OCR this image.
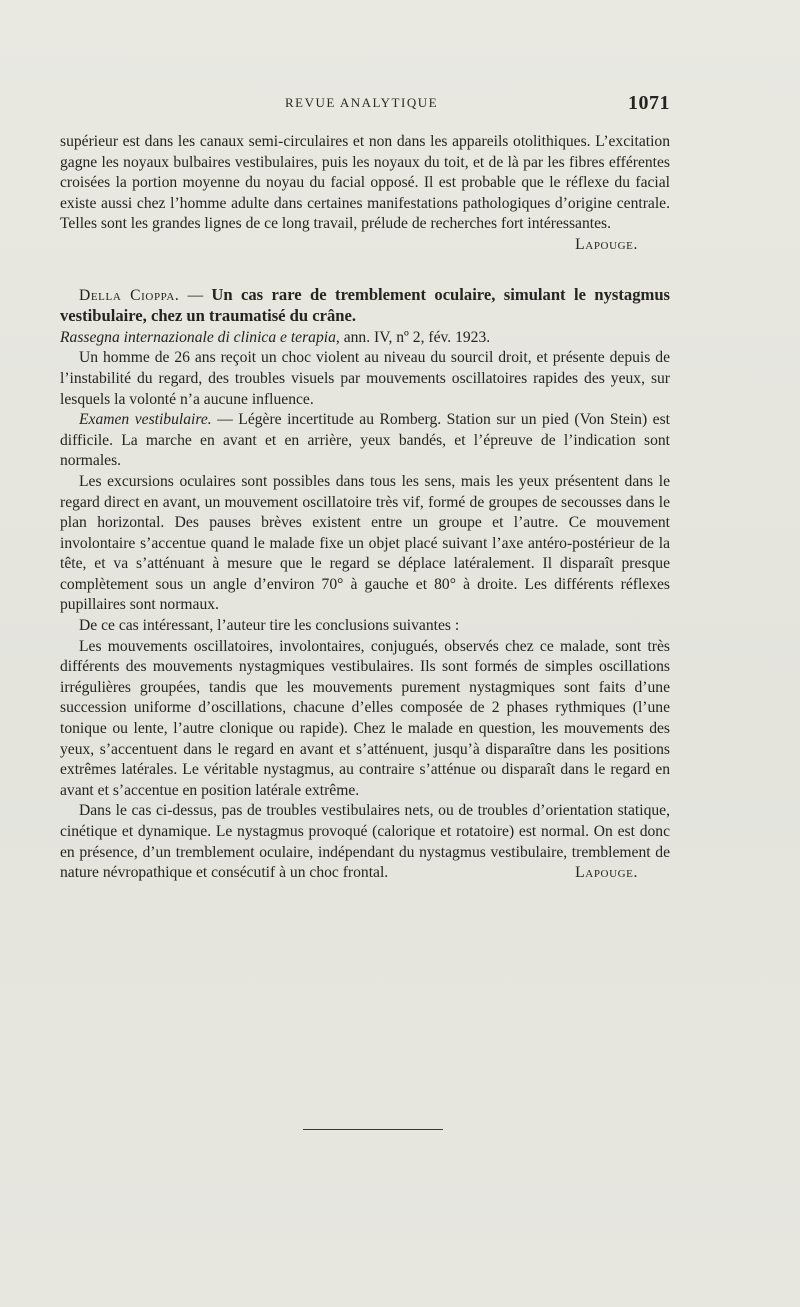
REVUE ANALYTIQUE	1071

supérieur est dans les canaux semi-circulaires et non dans les appareils otolithiques. L’excitation gagne les noyaux bulbaires vestibulaires, puis les noyaux du toit, et de là par les fibres efférentes croisées la portion moyenne du noyau du facial opposé. Il est probable que le réflexe du facial existe aussi chez l’homme adulte dans certaines manifestations pathologiques d’origine centrale. Telles sont les grandes lignes de ce long travail, prélude de recherches fort intéressantes.

Lapouge.

Della Cioppa. — Un cas rare de tremblement oculaire, simulant le nystagmus vestibulaire, chez un traumatisé du crâne.

Rassegna internazionale di clinica e terapia, ann. IV, nº 2, fév. 1923.

Un homme de 26 ans reçoit un choc violent au niveau du sourcil droit, et présente depuis de l’instabilité du regard, des troubles visuels par mouvements oscillatoires rapides des yeux, sur lesquels la volonté n’a aucune influence.

Examen vestibulaire. — Légère incertitude au Romberg. Station sur un pied (Von Stein) est difficile. La marche en avant et en arrière, yeux bandés, et l’épreuve de l’indication sont normales.

Les excursions oculaires sont possibles dans tous les sens, mais les yeux présentent dans le regard direct en avant, un mouvement oscillatoire très vif, formé de groupes de secousses dans le plan horizontal. Des pauses brèves existent entre un groupe et l’autre. Ce mouvement involontaire s’accentue quand le malade fixe un objet placé suivant l’axe antéro-postérieur de la tête, et va s’atténuant à mesure que le regard se déplace latéralement. Il disparaît presque complètement sous un angle d’environ 70° à gauche et 80° à droite. Les différents réflexes pupillaires sont normaux.

De ce cas intéressant, l’auteur tire les conclusions suivantes :

Les mouvements oscillatoires, involontaires, conjugués, observés chez ce malade, sont très différents des mouvements nystagmiques vestibulaires. Ils sont formés de simples oscillations irrégulières groupées, tandis que les mouvements purement nystagmiques sont faits d’une succession uniforme d’oscillations, chacune d’elles composée de 2 phases rythmiques (l’une tonique ou lente, l’autre clonique ou rapide). Chez le malade en question, les mouvements des yeux, s’accentuent dans le regard en avant et s’atténuent, jusqu’à disparaître dans les positions extrêmes latérales. Le véritable nystagmus, au contraire s’atténue ou disparaît dans le regard en avant et s’accentue en position latérale extrême.

Dans le cas ci-dessus, pas de troubles vestibulaires nets, ou de troubles d’orientation statique, cinétique et dynamique. Le nystagmus provoqué (calorique et rotatoire) est normal. On est donc en présence, d’un tremblement oculaire, indépendant du nystagmus vestibulaire, tremblement de nature névropathique et consécutif à un choc frontal.	Lapouge.
